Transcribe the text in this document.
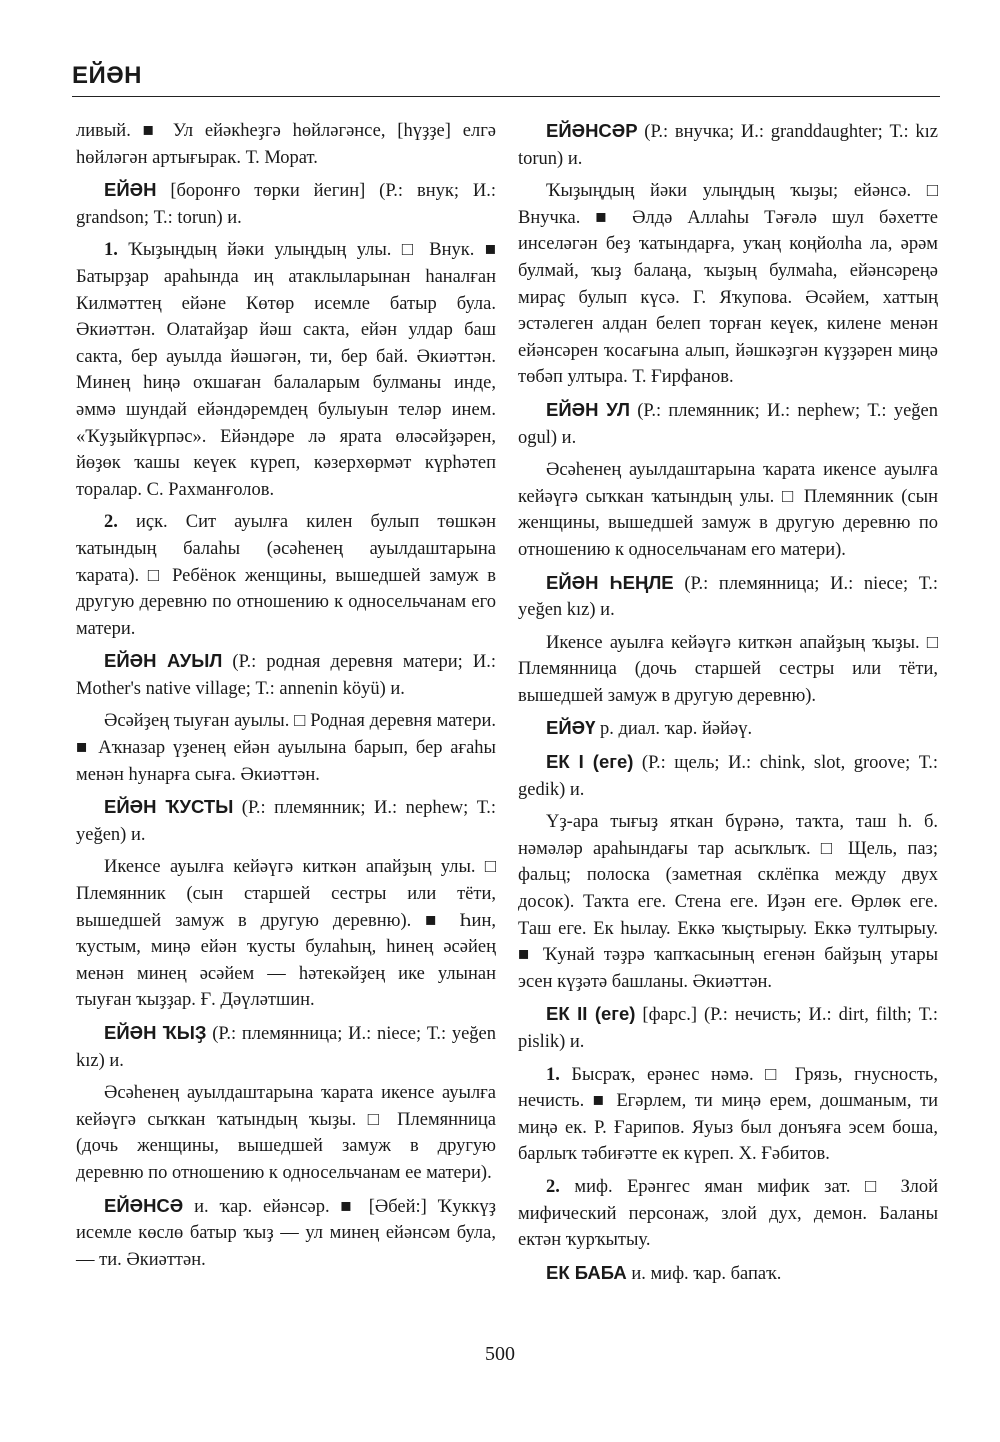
ЕЙӘН

ливый. ■ Ул ейәкһеҙгә һөйләгәнсе, [һүҙҙе] елгә һөйләгән артығырак. Т. Морат.

ЕЙӘН [боронғо төрки йегин] (Р.: внук; И.: grandson; Т.: torun) и.

1. Ҡыҙыңдың йәки улыңдың улы. □ Внук. ■ Батырҙар араһында иң атаклыларынан һаналған Килмәттең ейәне Көтөр исемле батыр була. Әкиәттән. Олатайҙар йәш сакта, ейән улдар баш сакта, бер ауылда йәшәгән, ти, бер бай. Әкиәттән. Минең һиңә оҡшаған балаларым булманы инде, әммә шундай ейәндәремдең булыуын теләр инем. «Ҡуҙыйкүрпәс». Ейәндәре лә ярата өләсәйҙәрен, йөҙөк ҡашы кеүек күреп, кәзерхөрмәт күрһәтеп торалар. С. Рахманғолов.

2. иҫк. Сит ауылға килен булып төшкән ҡатындың балаһы (әсәһенең ауылдаштарына ҡарата). □ Ребёнок женщины, вышедшей замуж в другую деревню по отношению к односельчанам его матери.

ЕЙӘН АУЫЛ (Р.: родная деревня матери; И.: Mother's native village; Т.: annenin köyü) и.

Әсәйҙең тыуған ауылы. □ Родная деревня матери. ■ Аҡназар үҙенең ейән ауылына барып, бер ағаһы менән һунарға сыға. Әкиәттән.

ЕЙӘН ҠУСТЫ (Р.: племянник; И.: nephew; Т.: yeğen) и.

Икенсе ауылға кейәүгә киткән апайҙың улы. □ Племянник (сын старшей сестры или тёти, вышедшей замуж в другую деревню). ■ Һин, ҡустым, миңә ейән ҡусты булаһың, һинең әсәйең менән минең әсәйем — һәтекәйҙең ике улынан тыуған ҡыҙҙар. Ғ. Дәүләтшин.

ЕЙӘН ҠЫҘ (Р.: племянница; И.: niece; Т.: yeğen kız) и.

Әсәһенең ауылдаштарына ҡарата икенсе ауылға кейәүгә сыҡкан ҡатындың ҡыҙы. □ Племянница (дочь женщины, вышедшей замуж в другую деревню по отношению к односельчанам ее матери).

ЕЙӘНСӘ и. ҡар. ейәнсәр. ■ [Әбей:] Ҡуккүҙ исемле көслө батыр ҡыҙ — ул минең ейәнсәм була, — ти. Әкиәттән.

ЕЙӘНСӘР (Р.: внучка; И.: granddaughter; Т.: kız torun) и.

Ҡыҙыңдың йәки улыңдың ҡыҙы; ейәнсә. □ Внучка. ■ Әлдә Аллаһы Тәғәлә шул бәхетте инселәгән беҙ ҡатындарға, уҡаң коңйолһа ла, әрәм булмай, ҡыҙ балаңа, ҡыҙың булмаһа, ейәнсәреңә мираҫ булып күсә. Г. Яҡупова. Әсәйем, хаттың эстәлеген алдан белеп торған кеүек, килене менән ейәнсәрен ҡосағына алып, йәшкәҙгән күҙҙәрен миңә төбәп ултыра. Т. Ғирфанов.

ЕЙӘН УЛ (Р.: племянник; И.: nephew; Т.: yeğen ogul) и.

Әсәһенең ауылдаштарына ҡарата икенсе ауылға кейәүгә сыҡкан ҡатындың улы. □ Племянник (сын женщины, вышедшей замуж в другую деревню по отношению к односельчанам его матери).

ЕЙӘН ҺЕҢЛЕ (Р.: племянница; И.: niece; Т.: yeğen kız) и.

Икенсе ауылға кейәүгә киткән апайҙың ҡыҙы. □ Племянница (дочь старшей сестры или тёти, вышедшей замуж в другую деревню).

ЕЙӘҮ р. диал. ҡар. йәйәү.

ЕК I (еге) (Р.: щель; И.: chink, slot, groove; Т.: gedik) и.

Үҙ-ара тығыҙ яткан бүрәнә, таҡта, таш һ. б. нәмәләр араһындағы тар асыҡлыҡ. □ Щель, паз; фальц; полоска (заметная склёпка между двух досок). Таҡта еге. Стена еге. Иҙән еге. Өрлөк еге. Таш еге. Ек һылау. Еккә ҡыҫтырыу. Еккә тултырыу. ■ Ҡунай тәҙрә ҡапҡасының егенән байҙың утары эсен күҙәтә башланы. Әкиәттән.

ЕК II (еге) [фарс.] (Р.: нечисть; И.: dirt, filth; Т.: pislik) и.

1. Бысраҡ, ерәнес нәмә. □ Грязь, гнусность, нечисть. ■ Егәрлем, ти миңә ерем, дошманым, ти миңә ек. Р. Ғарипов. Яуыз был донъяға эсем боша, барлыҡ тәбиғәтте ек күреп. Х. Ғәбитов.

2. миф. Ерәнгес яман мифик зат. □ Злой мифический персонаж, злой дух, демон. Баланы ектән ҡурҡытыу.

ЕК БАБА и. миф. ҡар. бапаҡ.

500
